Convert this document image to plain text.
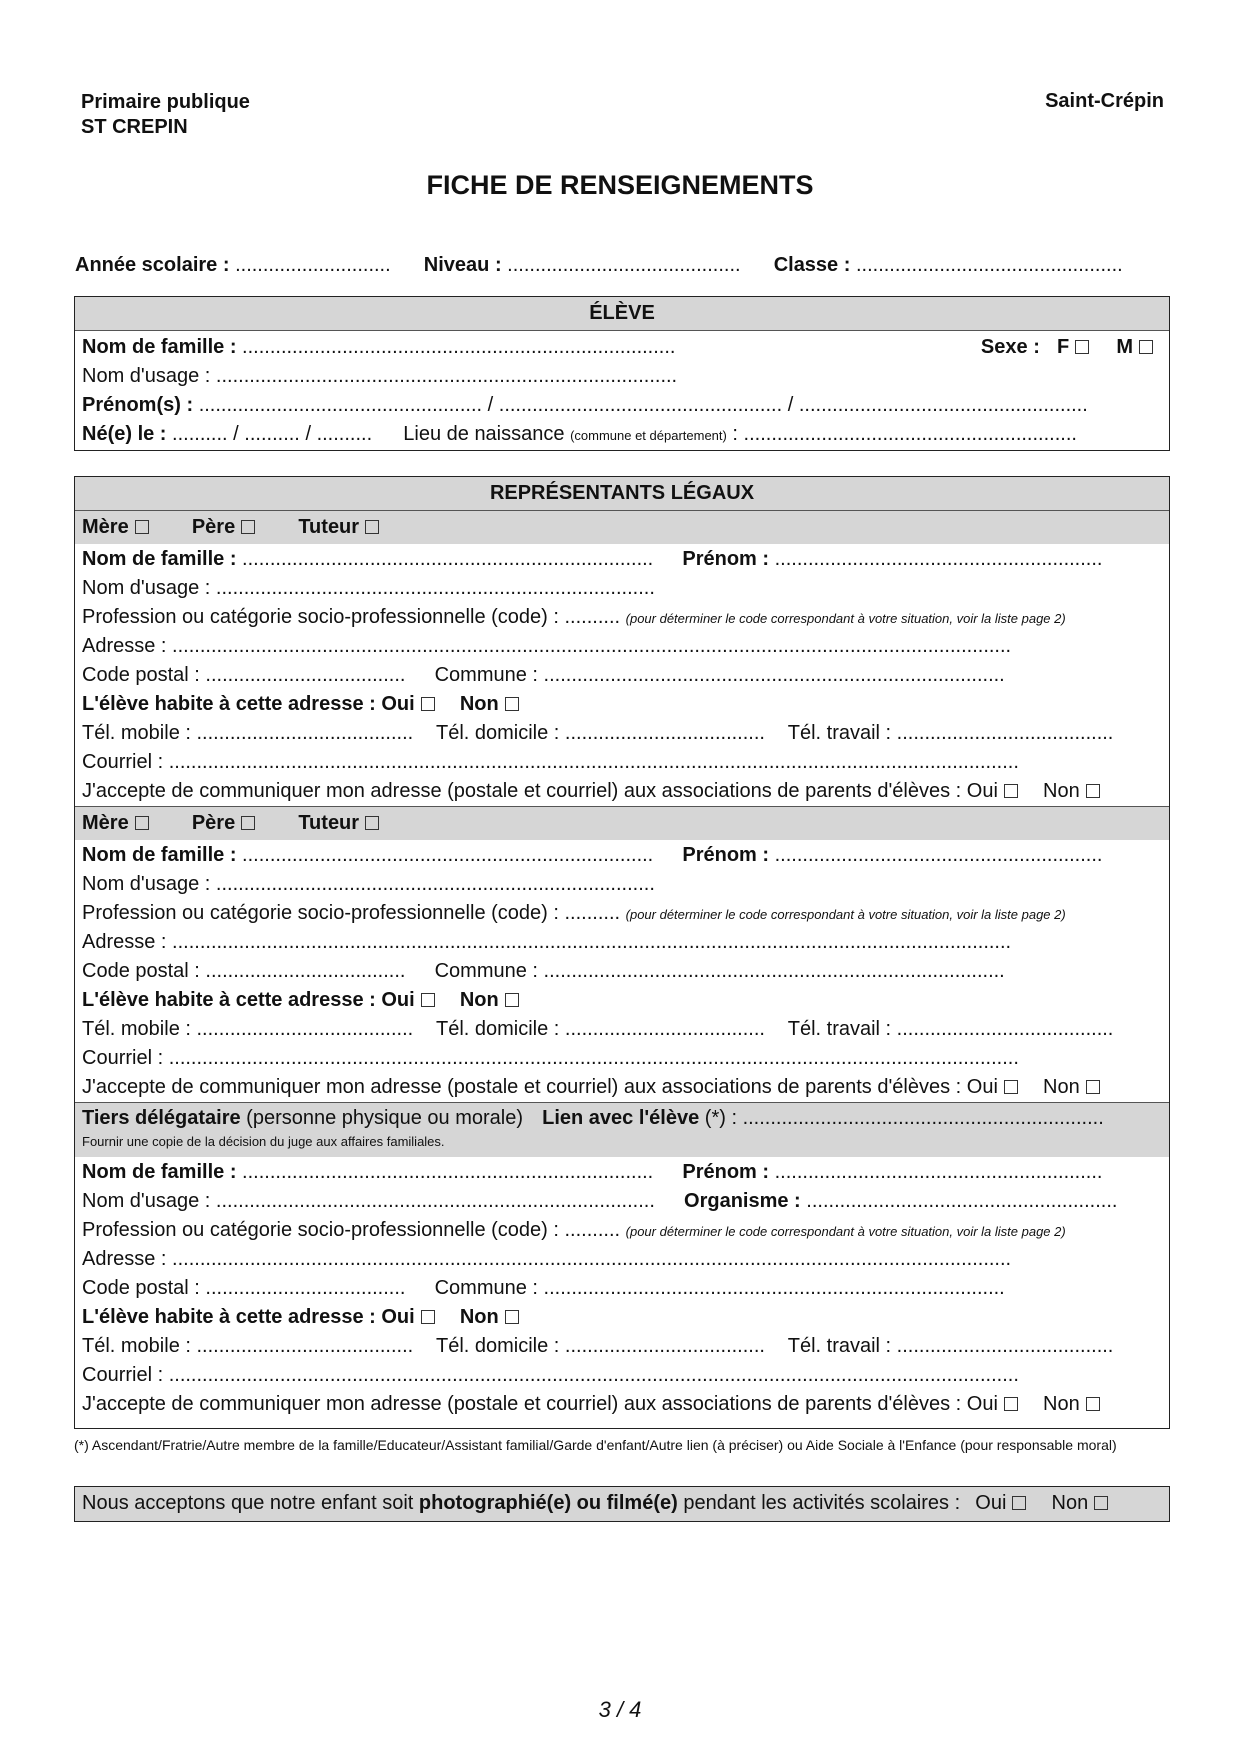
Primaire publique
ST CREPIN
Saint-Crépin
FICHE DE RENSEIGNEMENTS
Année scolaire : ............................ Niveau : .......................................... Classe : ................................................
ÉLÈVE
Nom de famille : ..............................................................................	Sexe : F M
Nom d'usage : ...................................................................................
Prénom(s) : ................................................... / ................................................... / ....................................................
Né(e) le : .......... / .......... / .......... Lieu de naissance (commune et département) : ............................................................
REPRÉSENTANTS LÉGAUX
Mère	Père	Tuteur
Nom de famille : .......................................................................... Prénom : ...........................................................
Nom d'usage : ...............................................................................
Profession ou catégorie socio-professionnelle (code) : .......... (pour déterminer le code correspondant à votre situation, voir la liste page 2)
Adresse : .......................................................................................................................................................
Code postal : .................................... Commune : ...................................................................................
L'élève habite à cette adresse : Oui Non
Tél. mobile : ....................................... Tél. domicile : .................................... Tél. travail : .......................................
Courriel : .........................................................................................................................................................
J'accepte de communiquer mon adresse (postale et courriel) aux associations de parents d'élèves : Oui Non
Mère	Père	Tuteur
Nom de famille : .......................................................................... Prénom : ...........................................................
Nom d'usage : ...............................................................................
Profession ou catégorie socio-professionnelle (code) : .......... (pour déterminer le code correspondant à votre situation, voir la liste page 2)
Adresse : .......................................................................................................................................................
Code postal : .................................... Commune : ...................................................................................
L'élève habite à cette adresse : Oui Non
Tél. mobile : ....................................... Tél. domicile : .................................... Tél. travail : .......................................
Courriel : .........................................................................................................................................................
J'accepte de communiquer mon adresse (postale et courriel) aux associations de parents d'élèves : Oui Non
Tiers délégataire (personne physique ou morale) Lien avec l'élève (*) : .................................................................
Fournir une copie de la décision du juge aux affaires familiales.
Nom de famille : .......................................................................... Prénom : ...........................................................
Nom d'usage : ............................................................................... Organisme : ........................................................
Profession ou catégorie socio-professionnelle (code) : .......... (pour déterminer le code correspondant à votre situation, voir la liste page 2)
Adresse : .......................................................................................................................................................
Code postal : .................................... Commune : ...................................................................................
L'élève habite à cette adresse : Oui Non
Tél. mobile : ....................................... Tél. domicile : .................................... Tél. travail : .......................................
Courriel : .........................................................................................................................................................
J'accepte de communiquer mon adresse (postale et courriel) aux associations de parents d'élèves : Oui Non
(*) Ascendant/Fratrie/Autre membre de la famille/Educateur/Assistant familial/Garde d'enfant/Autre lien (à préciser) ou Aide Sociale à l'Enfance (pour responsable moral)
Nous acceptons que notre enfant soit photographié(e) ou filmé(e) pendant les activités scolaires : Oui Non
3 / 4
